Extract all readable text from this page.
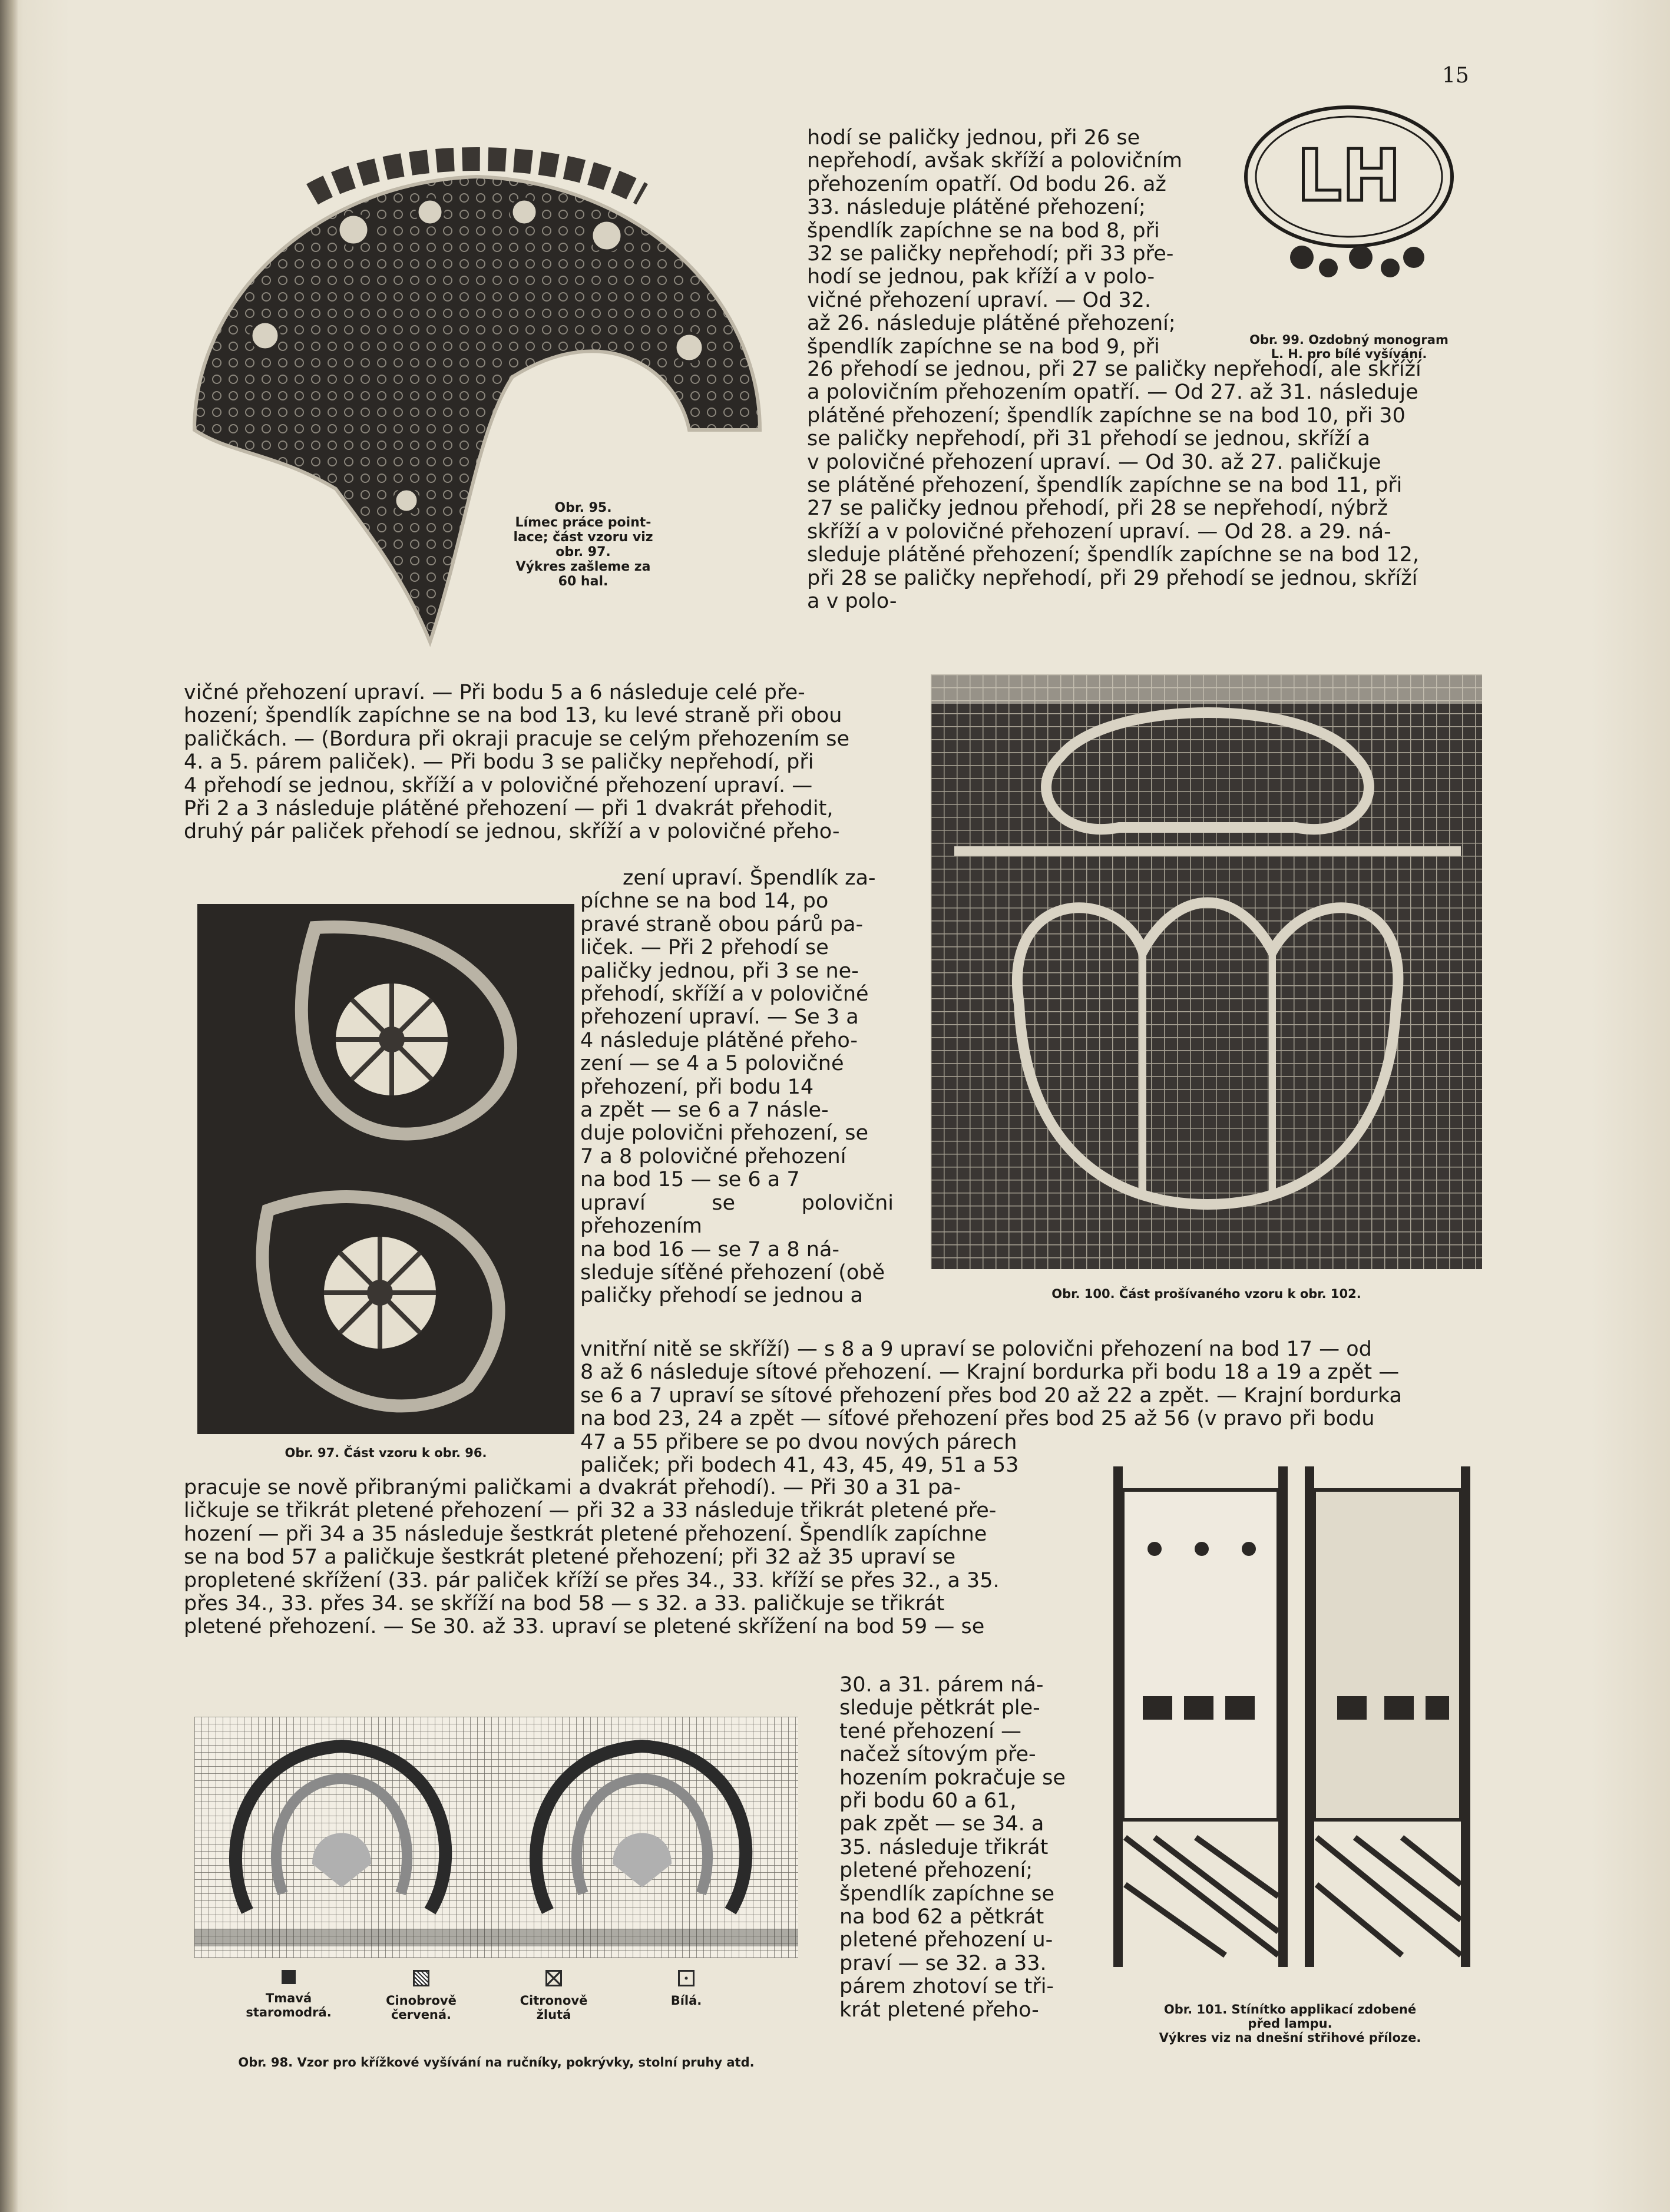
15
Obr. 95.
Límec práce point-
lace; část vzoru viz
obr. 97.
Výkres zašleme za
60 hal.
LH
Obr. 99. Ozdobný monogram
L. H. pro bílé vyšívání.
hodí se paličky jednou, při 26 se
nepřehodí, avšak skříží a polovičním
přehozením opatří. Od bodu 26. až
33. následuje plátěné přehození;
špendlík zapíchne se na bod 8, při
32 se paličky nepřehodí; při 33 pře-
hodí se jednou, pak kříží a v polo-
vičné přehození upraví. — Od 32.
až 26. následuje plátěné přehození;
špendlík zapíchne se na bod 9, při
26 přehodí se jednou, při 27 se paličky nepřehodí, ale skříží
a polovičním přehozením opatří. — Od 27. až 31. následuje
plátěné přehození; špendlík zapíchne se na bod 10, při 30
se paličky nepřehodí, při 31 přehodí se jednou, skříží a
v polovičné přehození upraví. — Od 30. až 27. paličkuje
se plátěné přehození, špendlík zapíchne se na bod 11, při
27 se paličky jednou přehodí, při 28 se nepřehodí, nýbrž
skříží a v polovičné přehození upraví. — Od 28. a 29. ná-
sleduje plátěné přehození; špendlík zapíchne se na bod 12,
při 28 se paličky nepřehodí, při 29 přehodí se jednou, skříží
a v polo-
Obr. 100. Část prošívaného vzoru k obr. 102.
vičné přehození upraví. — Při bodu 5 a 6 následuje celé pře-
hození; špendlík zapíchne se na bod 13, ku levé straně při obou
paličkách. — (Bordura při okraji pracuje se celým přehozením se
4. a 5. párem paliček). — Při bodu 3 se paličky nepřehodí, při
4 přehodí se jednou, skříží a v polovičné přehození upraví. —
Při 2 a 3 následuje plátěné přehození — při 1 dvakrát přehodit,
druhý pár paliček přehodí se jednou, skříží a v polovičné přeho-
Obr. 97. Část vzoru k obr. 96.
zení upraví. Špendlík za-
píchne se na bod 14, po
pravé straně obou párů pa-
liček. — Při 2 přehodí se
paličky jednou, při 3 se ne-
přehodí, skříží a v polovičné
přehození upraví. — Se 3 a
4 následuje plátěné přeho-
zení — se 4 a 5 polovičné
přehození, při bodu 14
a zpět — se 6 a 7 násle-
duje polovični přehození, se
7 a 8 polovičné přehození
na bod 15 — se 6 a 7
upraví se polovični přehozením
na bod 16 — se 7 a 8 ná-
sleduje síťěné přehození (obě
paličky přehodí se jednou a
vnitřní nitě se skříží) — s 8 a 9 upraví se polovični přehození na bod 17 — od
8 až 6 následuje sítové přehození. — Krajní bordurka při bodu 18 a 19 a zpět —
se 6 a 7 upraví se sítové přehození přes bod 20 až 22 a zpět. — Krajní bordurka
na bod 23, 24 a zpět — síťové přehození přes bod 25 až 56 (v pravo při bodu
47 a 55 přibere se po dvou nových párech
paliček; při bodech 41, 43, 45, 49, 51 a 53
Obr. 101. Stínítko applikací zdobené
před lampu.
Výkres viz na dnešní střihové příloze.
pracuje se nově přibranými paličkami a dvakrát přehodí). — Při 30 a 31 pa-
ličkuje se třikrát pletené přehození — při 32 a 33 následuje třikrát pletené pře-
hození — při 34 a 35 následuje šestkrát pletené přehození. Špendlík zapíchne
se na bod 57 a paličkuje šestkrát pletené přehození; při 32 až 35 upraví se
propletené skřížení (33. pár paliček kříží se přes 34., 33. kříží se přes 32., a 35.
přes 34., 33. přes 34. se skříží na bod 58 — s 32. a 33. paličkuje se třikrát
pletené přehození. — Se 30. až 33. upraví se pletené skřížení na bod 59 — se
Tmavá
staromodrá.
Cinobrově
červená.
Citronově
žlutá
Bílá.
Obr. 98. Vzor pro křížkové vyšívání na ručníky, pokrývky, stolní pruhy atd.
30. a 31. párem ná-
sleduje pětkrát ple-
tené přehození —
načež sítovým pře-
hozením pokračuje se
při bodu 60 a 61,
pak zpět — se 34. a
35. následuje třikrát
pletené přehození;
špendlík zapíchne se
na bod 62 a pětkrát
pletené přehození u-
praví — se 32. a 33.
párem zhotoví se tři-
krát pletené přeho-
